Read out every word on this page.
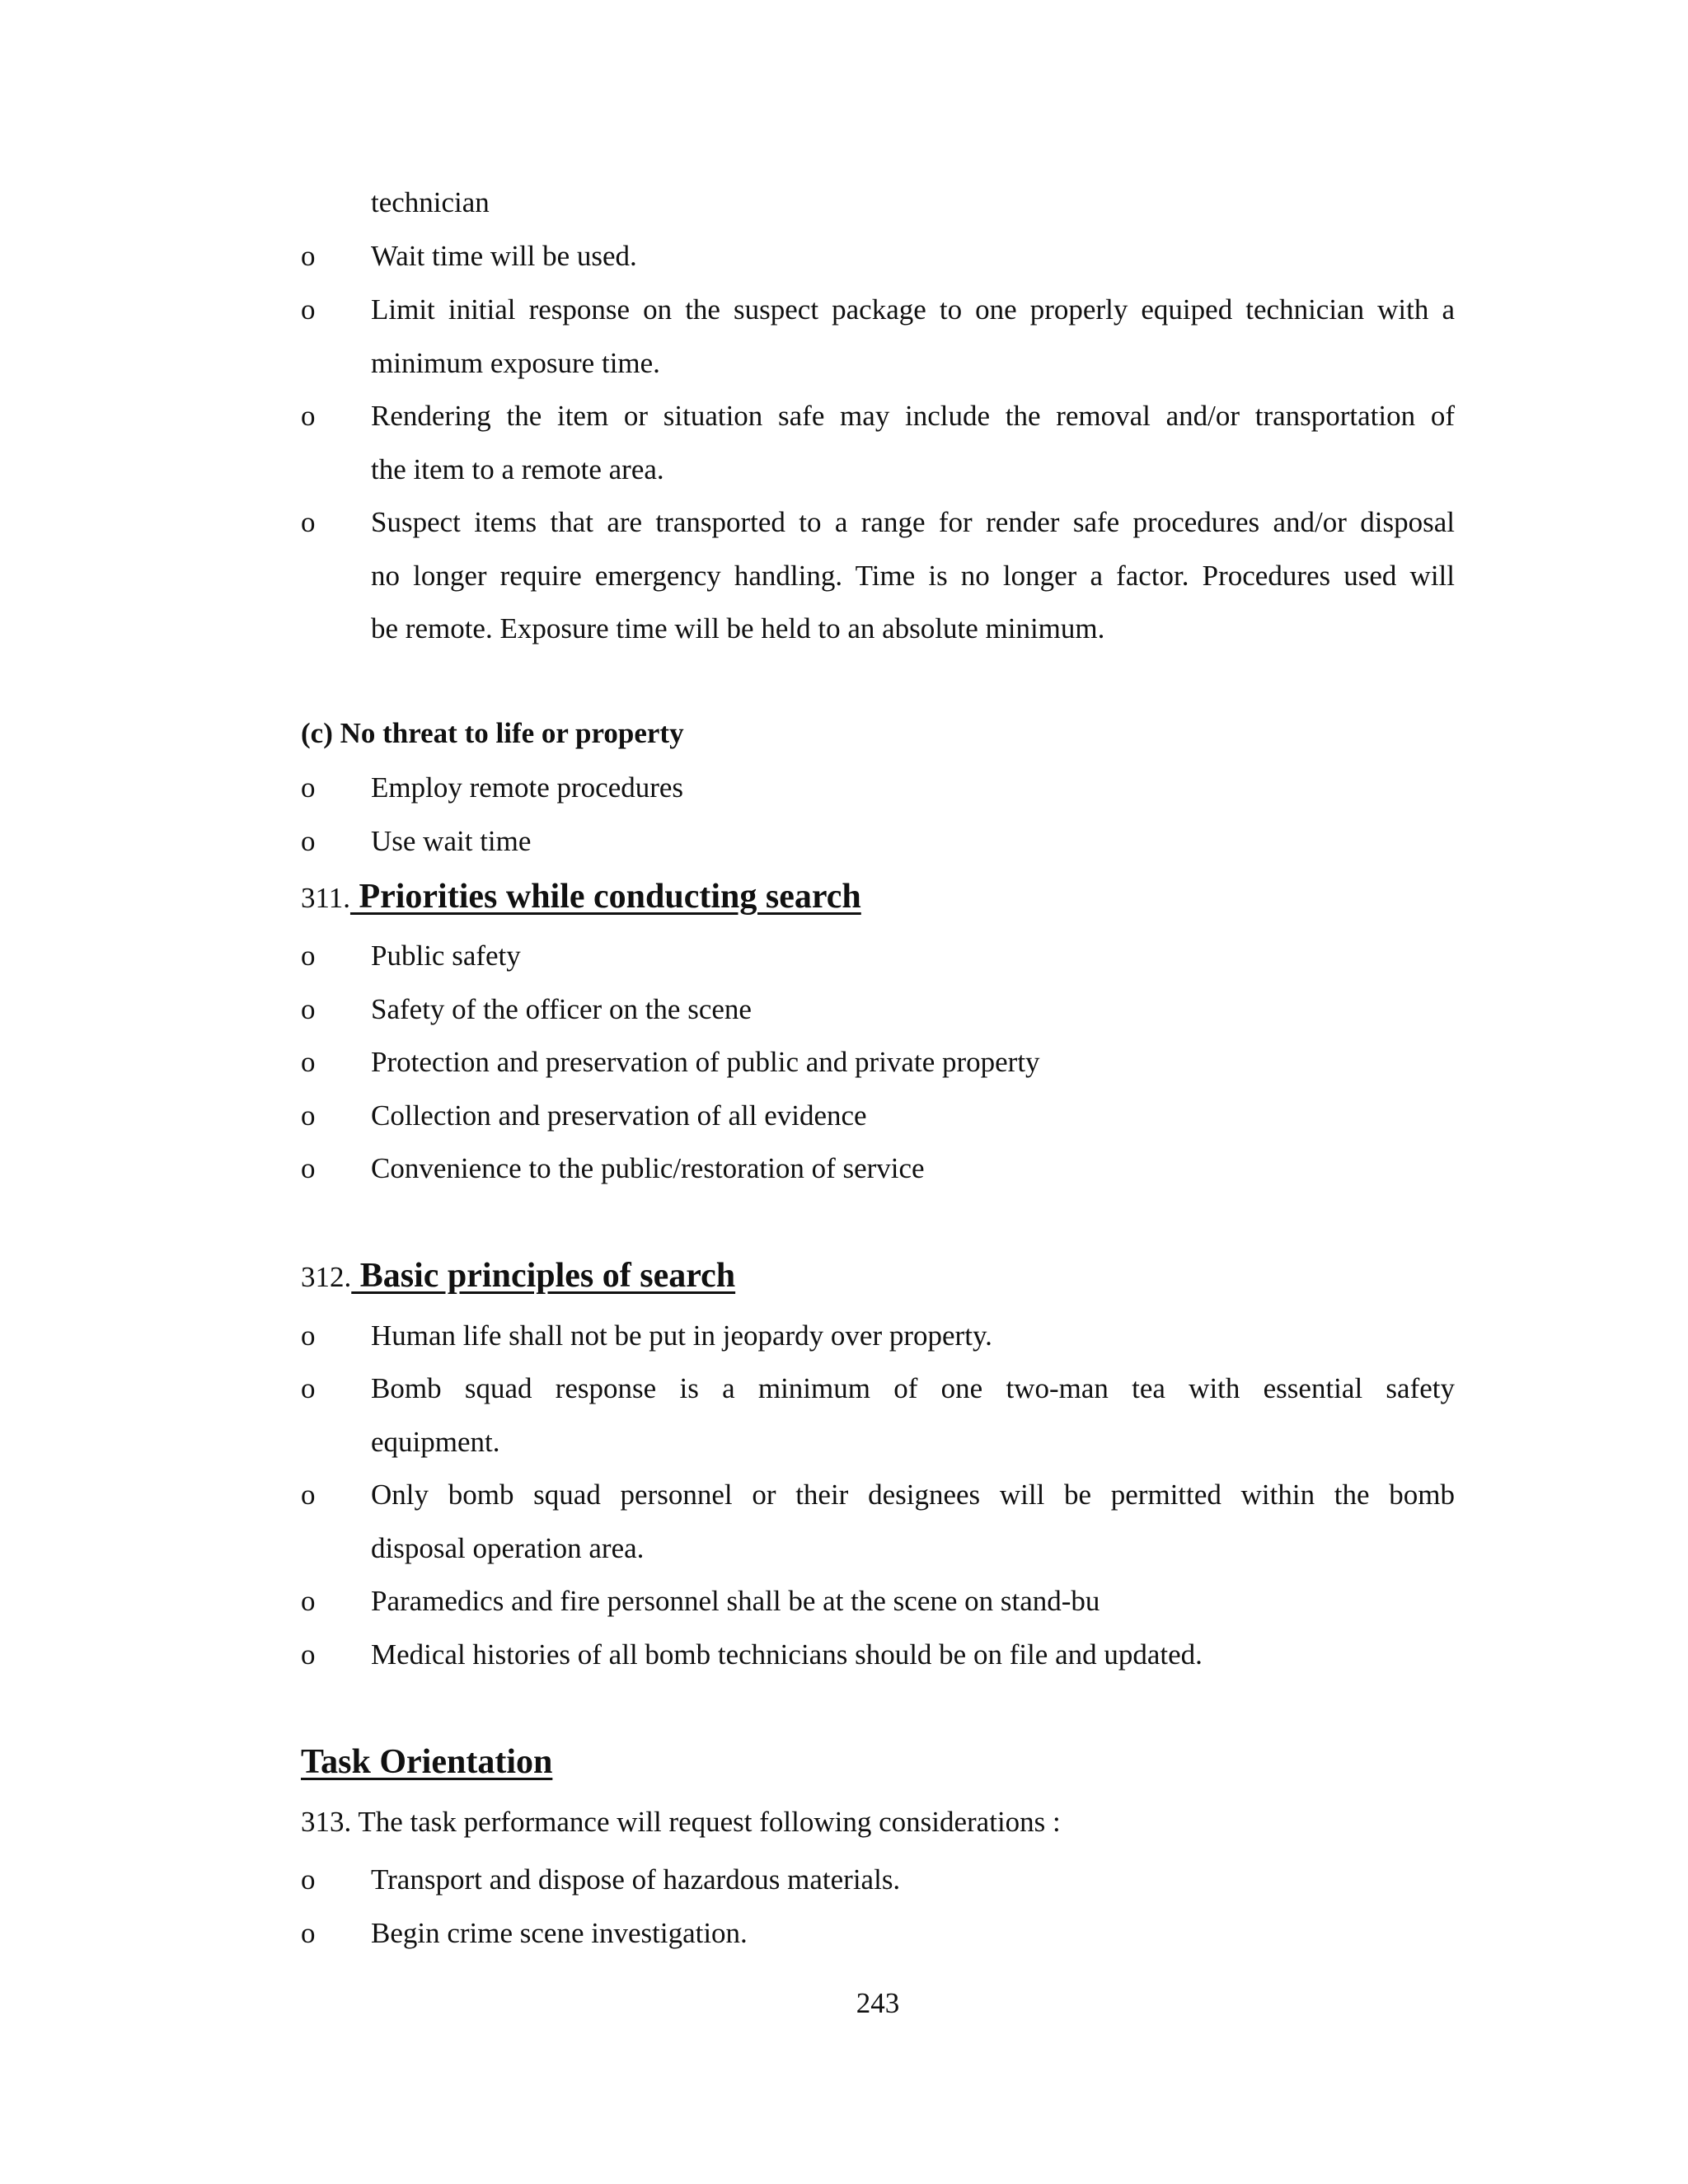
technician
o	Wait time will be used.
o	Limit initial response on the suspect package to one properly equiped technician with a
minimum exposure time.
o	Rendering the item or situation safe may include the removal and/or transportation of
the item to a remote area.
o	Suspect items that are transported to a range for render safe procedures and/or disposal
no longer require emergency handling. Time is no longer a factor. Procedures used will
be remote. Exposure time will be held to an absolute minimum.
(c) No threat to life or property
o	Employ remote procedures
o	Use wait time
311. Priorities while conducting search
o	Public safety
o	Safety of the officer on the scene
o	Protection and preservation of public and private property
o	Collection and preservation of all evidence
o	Convenience to the public/restoration of service
312. Basic principles of search
o	Human life shall not be put in jeopardy over property.
o	Bomb squad response is a minimum of one two-man tea with essential safety
equipment.
o	Only bomb squad personnel or their designees will be permitted within the bomb
disposal operation area.
o	Paramedics and fire personnel shall be at the scene on stand-bu
o	Medical histories of all bomb technicians should be on file and updated.
Task Orientation
313. The task performance will request following considerations :
o	Transport and dispose of hazardous materials.
o	Begin crime scene investigation.
243
